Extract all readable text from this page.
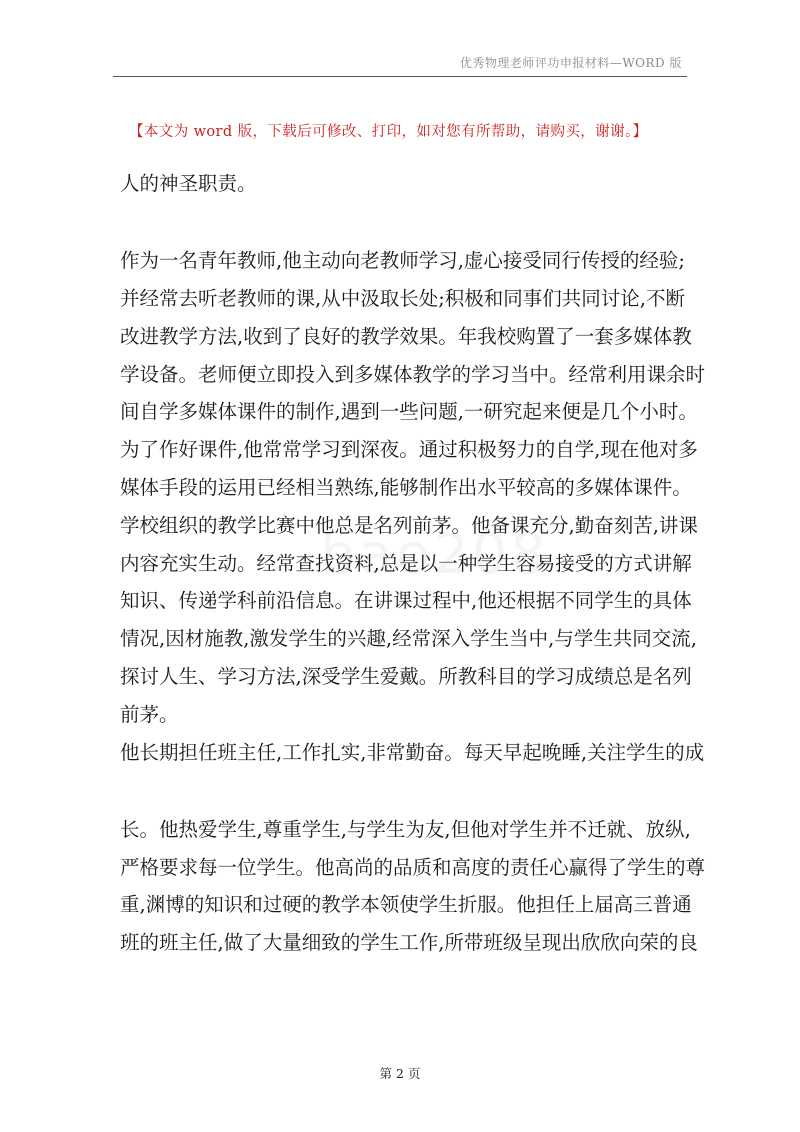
优秀物理老师评功申报材料—WORD 版
【本文为 word 版，下载后可修改、打印，如对您有所帮助，请购买，谢谢。】
人的神圣职责。
作为一名青年教师,他主动向老教师学习,虚心接受同行传授的经验;
并经常去听老教师的课,从中汲取长处;积极和同事们共同讨论,不断
改进教学方法,收到了良好的教学效果。年我校购置了一套多媒体教
学设备。老师便立即投入到多媒体教学的学习当中。经常利用课余时
间自学多媒体课件的制作,遇到一些问题,一研究起来便是几个小时。
为了作好课件,他常常学习到深夜。通过积极努力的自学,现在他对多
媒体手段的运用已经相当熟练,能够制作出水平较高的多媒体课件。
学校组织的教学比赛中他总是名列前茅。他备课充分,勤奋刻苦,讲课
内容充实生动。经常查找资料,总是以一种学生容易接受的方式讲解
知识、传递学科前沿信息。在讲课过程中,他还根据不同学生的具体
情况,因材施教,激发学生的兴趣,经常深入学生当中,与学生共同交流,
探讨人生、学习方法,深受学生爱戴。所教科目的学习成绩总是名列
前茅。
他长期担任班主任,工作扎实,非常勤奋。每天早起晚睡,关注学生的成
长。他热爱学生,尊重学生,与学生为友,但他对学生并不迁就、放纵,
严格要求每一位学生。他高尚的品质和高度的责任心赢得了学生的尊
重,渊博的知识和过硬的教学本领使学生折服。他担任上届高三普通
班的班主任,做了大量细致的学生工作,所带班级呈现出欣欣向荣的良
第 2 页
